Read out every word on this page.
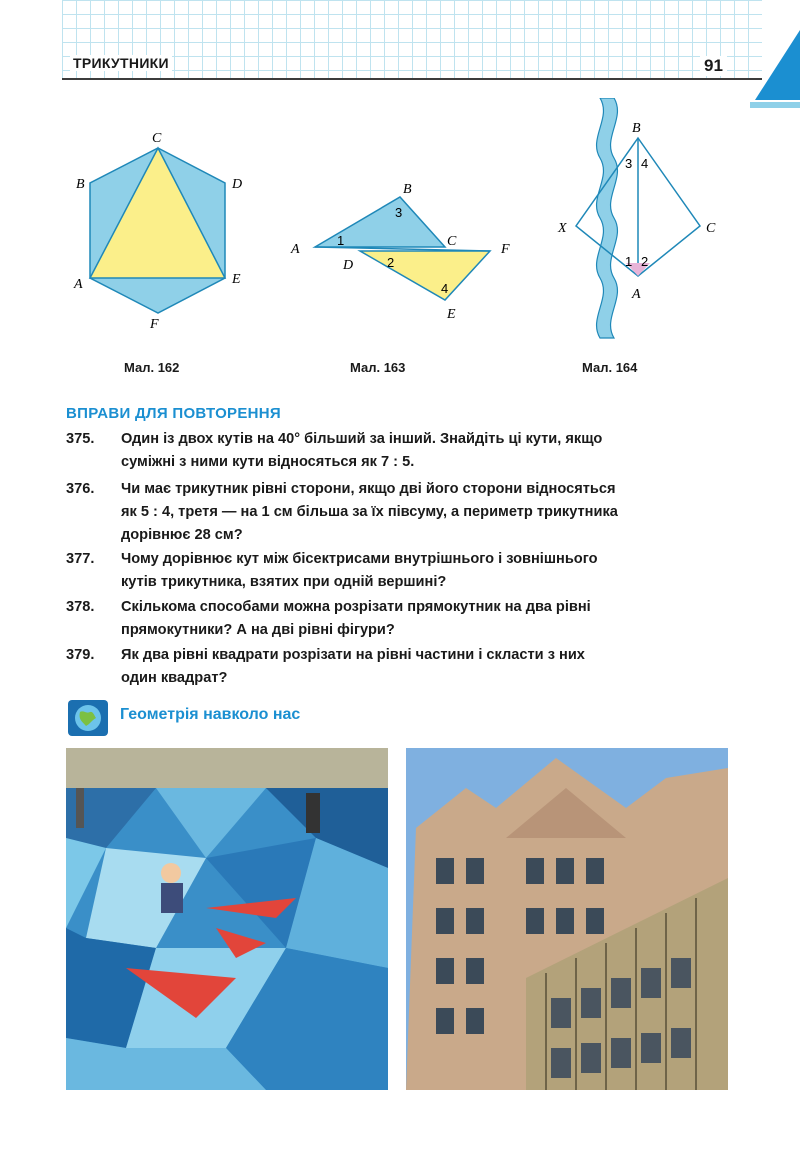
ТРИКУТНИКИ	91
C
B	D
A	E
F
Мал. 162
A
B
C
D
E
F
1
2
3
4
Мал. 163
B
X	C
A
1 2
3 4
Мал. 164
ВПРАВИ ДЛЯ ПОВТОРЕННЯ
375.	Один із двох кутів на 40° більший за інший. Знайдіть ці кути, якщо
суміжні з ними кути відносяться як 7 : 5.
376.	Чи має трикутник рівні сторони, якщо дві його сторони відносяться
як 5 : 4, третя — на 1 см більша за їх півсуму, а периметр трикутника
дорівнює 28 см?
377.	Чому дорівнює кут між бісектрисами внутрішнього і зовнішнього
кутів трикутника, взятих при одній вершині?
378.	Скількома способами можна розрізати прямокутник на два рівні
прямокутники? А на дві рівні фігури?
379.	Як два рівні квадрати розрізати на рівні частини і скласти з них
один квадрат?
Геометрія навколо нас
